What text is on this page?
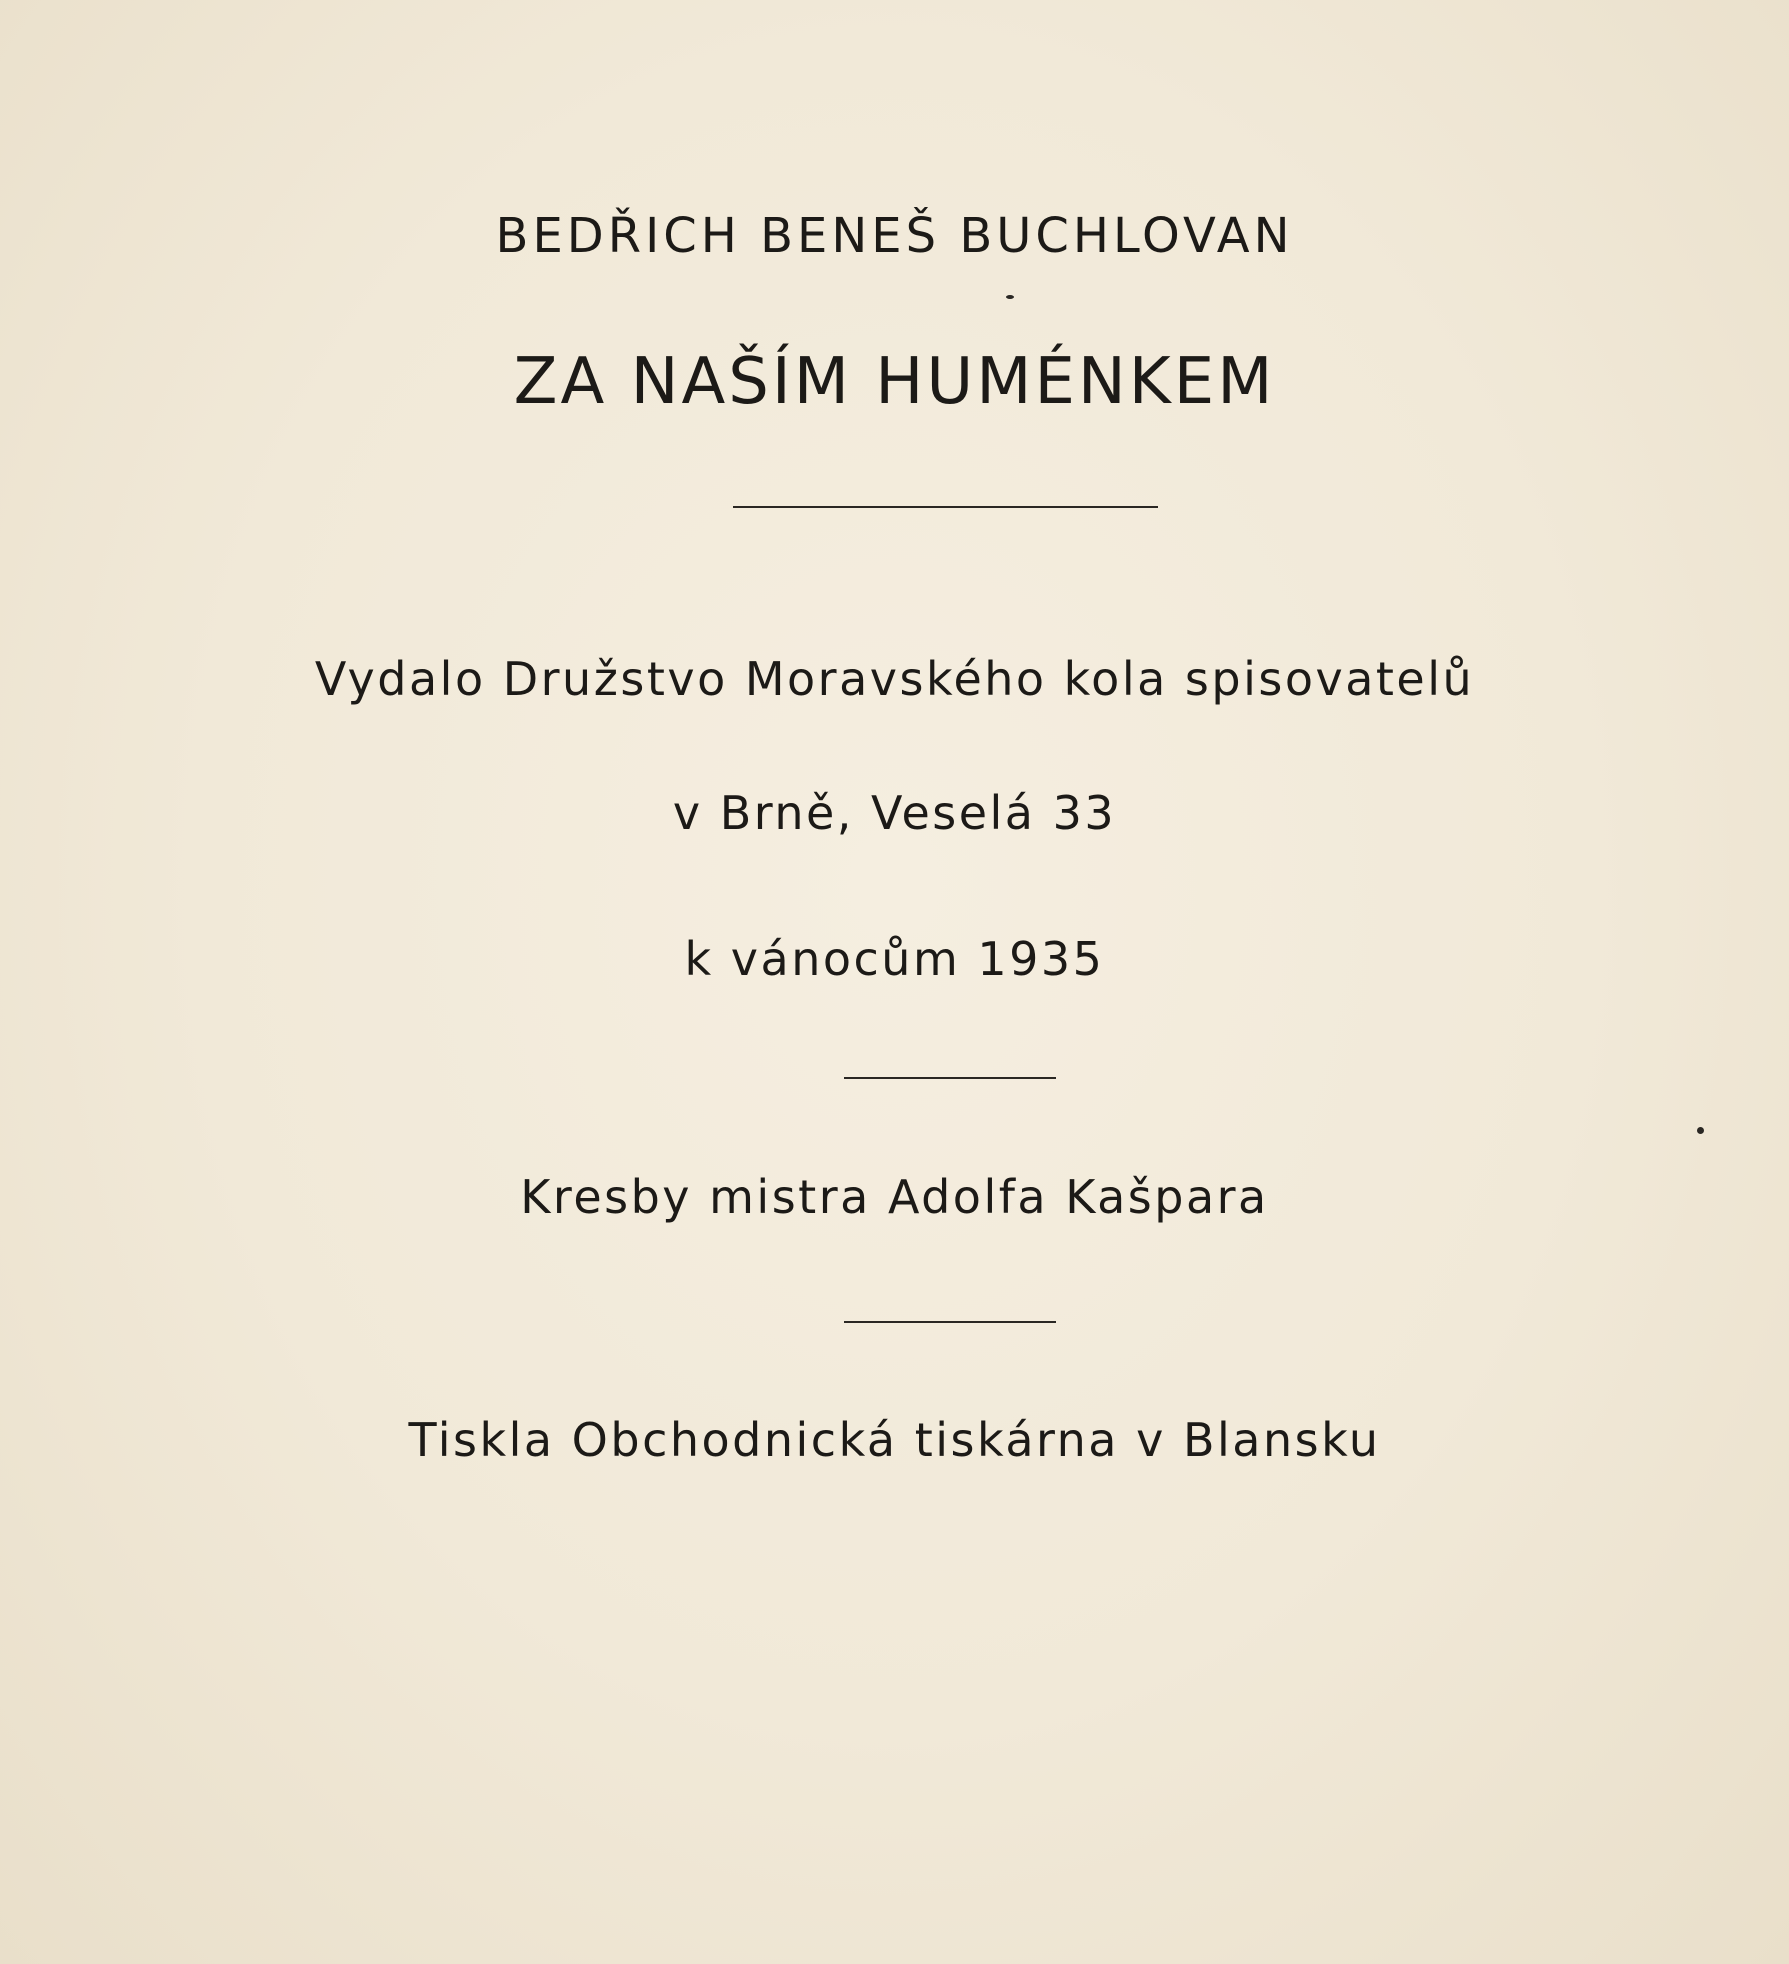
BEDŘICH BENEŠ BUCHLOVAN
ZA NAŠÍM HUMÉNKEM
Vydalo Družstvo Moravského kola spisovatelů
v Brně, Veselá 33
k vánocům 1935
Kresby mistra Adolfa Kašpara
Tiskla Obchodnická tiskárna v Blansku
